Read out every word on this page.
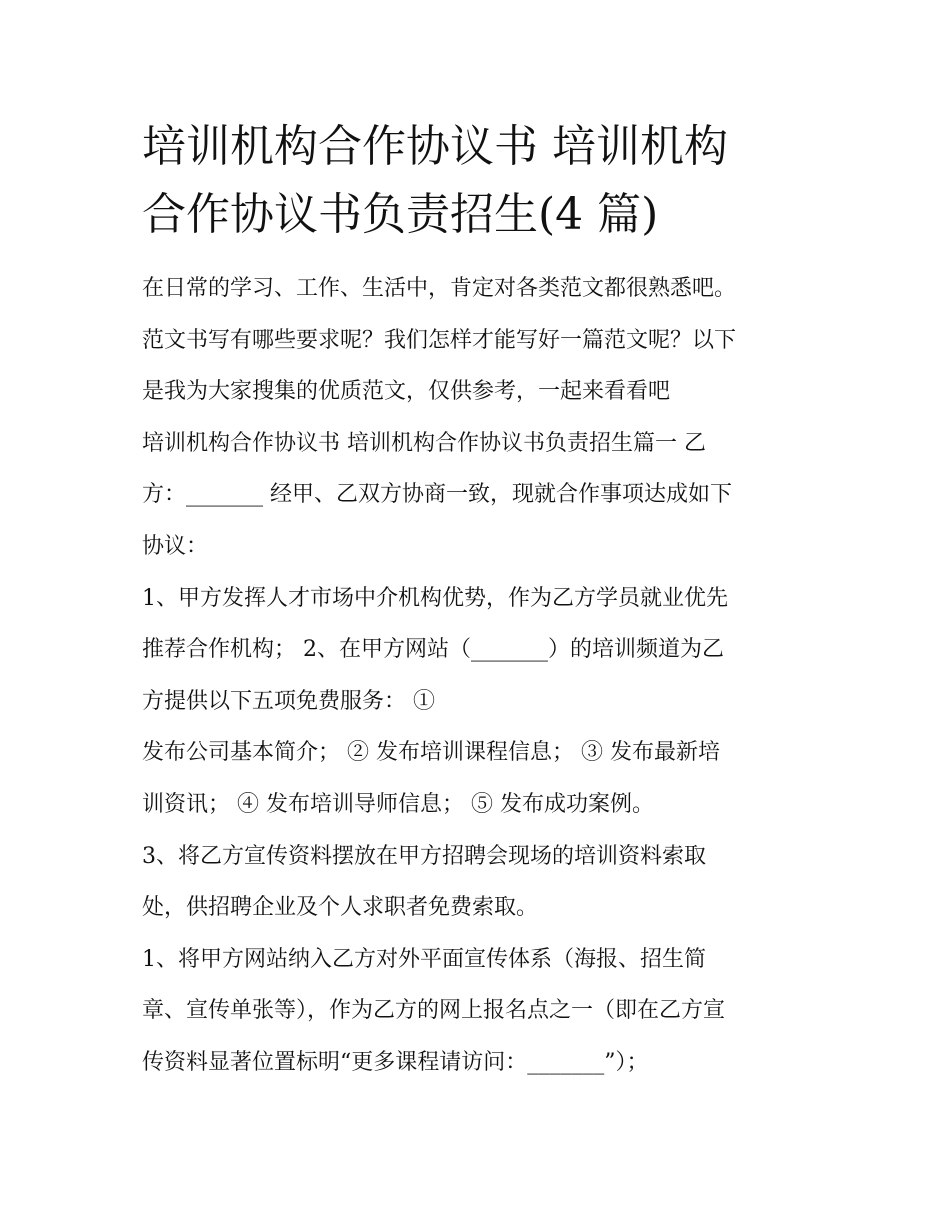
培训机构合作协议书 培训机构
合作协议书负责招生(4 篇)
在日常的学习、工作、生活中，肯定对各类范文都很熟悉吧。
范文书写有哪些要求呢？我们怎样才能写好一篇范文呢？以下
是我为大家搜集的优质范文，仅供参考，一起来看看吧
培训机构合作协议书 培训机构合作协议书负责招生篇一 乙
方：_______ 经甲、乙双方协商一致，现就合作事项达成如下
协议：
1、甲方发挥人才市场中介机构优势，作为乙方学员就业优先
推荐合作机构； 2、在甲方网站（_______）的培训频道为乙
方提供以下五项免费服务： ①
发布公司基本简介； ② 发布培训课程信息； ③ 发布最新培
训资讯； ④ 发布培训导师信息； ⑤ 发布成功案例。
3、将乙方宣传资料摆放在甲方招聘会现场的培训资料索取
处，供招聘企业及个人求职者免费索取。
1、将甲方网站纳入乙方对外平面宣传体系（海报、招生简
章、宣传单张等），作为乙方的网上报名点之一（即在乙方宣
传资料显著位置标明“更多课程请访问：_______”）；
